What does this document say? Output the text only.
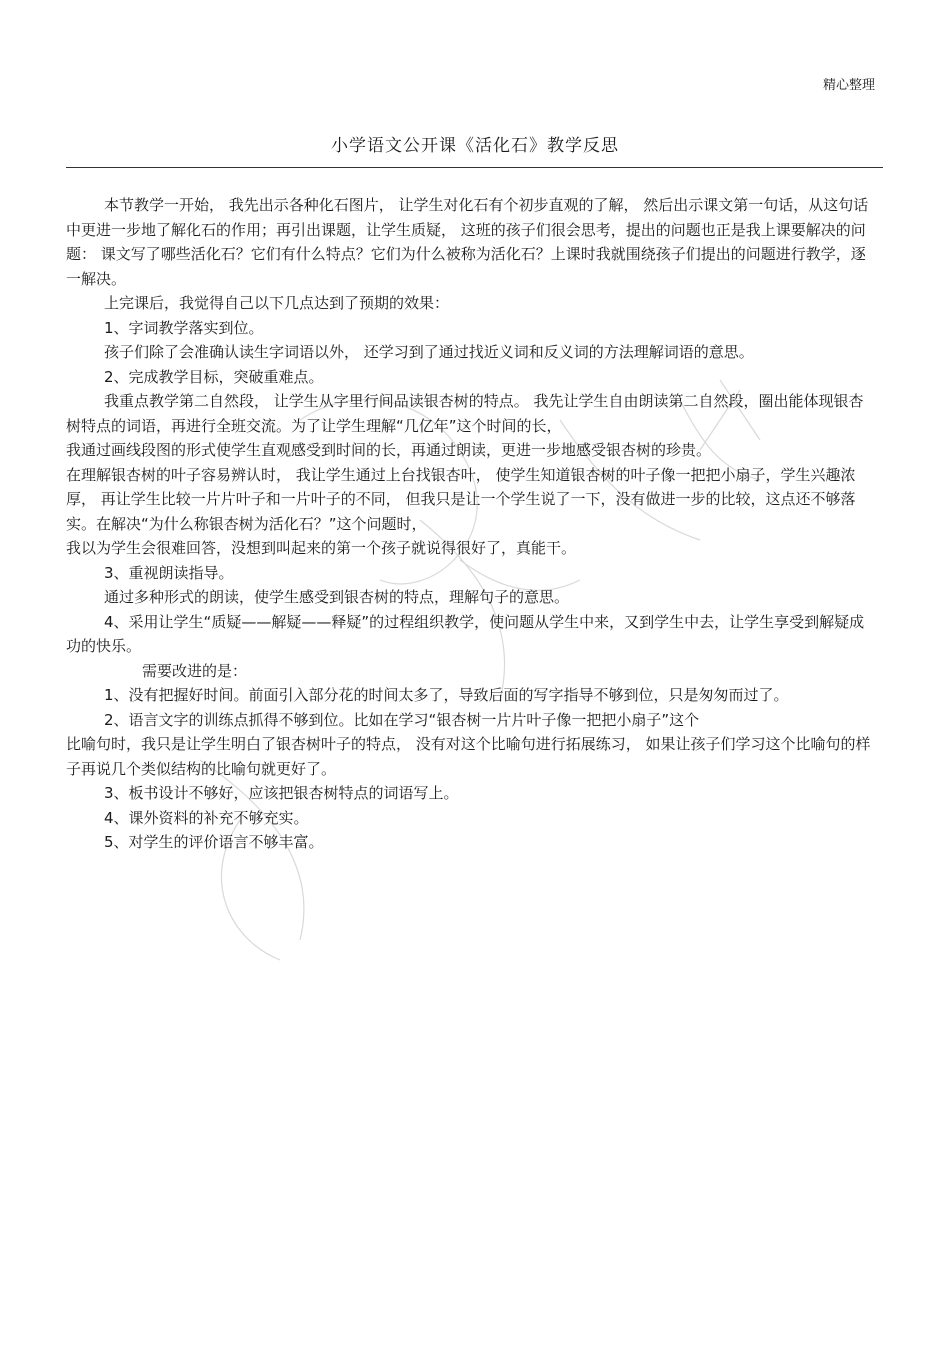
精心整理
小学语文公开课《活化石》教学反思

本节教学一开始， 我先出示各种化石图片， 让学生对化石有个初步直观的了解， 然后出示课文第一句话，从这句话中更进一步地了解化石的作用；再引出课题，让学生质疑， 这班的孩子们很会思考，提出的问题也正是我上课要解决的问题： 课文写了哪些活化石？它们有什么特点？它们为什么被称为活化石？上课时我就围绕孩子们提出的问题进行教学，逐一解决。

上完课后，我觉得自己以下几点达到了预期的效果：

1、字词教学落实到位。

孩子们除了会准确认读生字词语以外， 还学习到了通过找近义词和反义词的方法理解词语的意思。

2、完成教学目标，突破重难点。

我重点教学第二自然段， 让学生从字里行间品读银杏树的特点。 我先让学生自由朗读第二自然段，圈出能体现银杏树特点的词语，再进行全班交流。为了让学生理解“几亿年”这个时间的长，

我通过画线段图的形式使学生直观感受到时间的长，再通过朗读，更进一步地感受银杏树的珍贵。

在理解银杏树的叶子容易辨认时， 我让学生通过上台找银杏叶， 使学生知道银杏树的叶子像一把把小扇子，学生兴趣浓厚， 再让学生比较一片片叶子和一片叶子的不同， 但我只是让一个学生说了一下，没有做进一步的比较，这点还不够落实。在解决“为什么称银杏树为活化石？”这个问题时，

我以为学生会很难回答，没想到叫起来的第一个孩子就说得很好了，真能干。

3、重视朗读指导。

通过多种形式的朗读，使学生感受到银杏树的特点，理解句子的意思。

4、采用让学生“质疑——解疑——释疑”的过程组织教学，使问题从学生中来，又到学生中去，让学生享受到解疑成功的快乐。

需要改进的是：

1、没有把握好时间。前面引入部分花的时间太多了，导致后面的写字指导不够到位，只是匆匆而过了。

2、语言文字的训练点抓得不够到位。比如在学习“银杏树一片片叶子像一把把小扇子”这个

比喻句时，我只是让学生明白了银杏树叶子的特点， 没有对这个比喻句进行拓展练习， 如果让孩子们学习这个比喻句的样子再说几个类似结构的比喻句就更好了。

3、板书设计不够好，应该把银杏树特点的词语写上。

4、课外资料的补充不够充实。

5、对学生的评价语言不够丰富。
